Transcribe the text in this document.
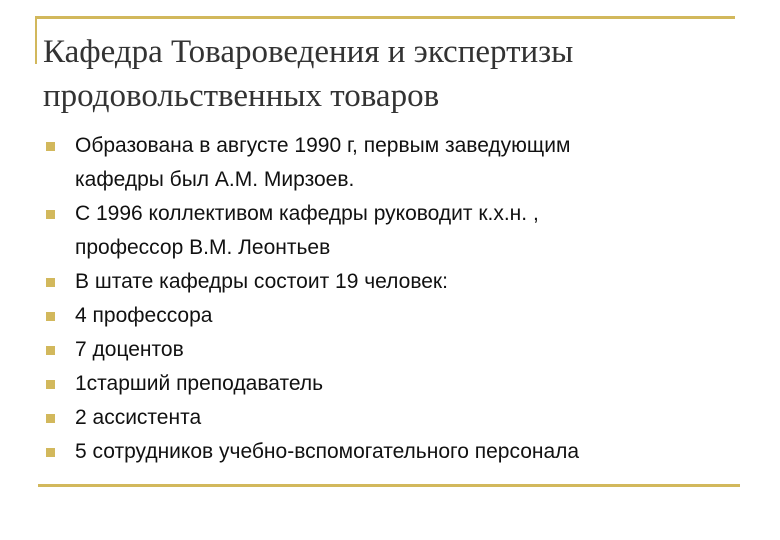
Кафедра Товароведения и экспертизы
продовольственных товаров
Образована в августе 1990 г, первым заведующим
кафедры был А.М. Мирзоев.
С 1996 коллективом кафедры руководит к.х.н. ,
профессор В.М. Леонтьев
В штате кафедры состоит 19 человек:
4 профессора
7 доцентов
1старший преподаватель
2 ассистента
5 сотрудников учебно-вспомогательного персонала
